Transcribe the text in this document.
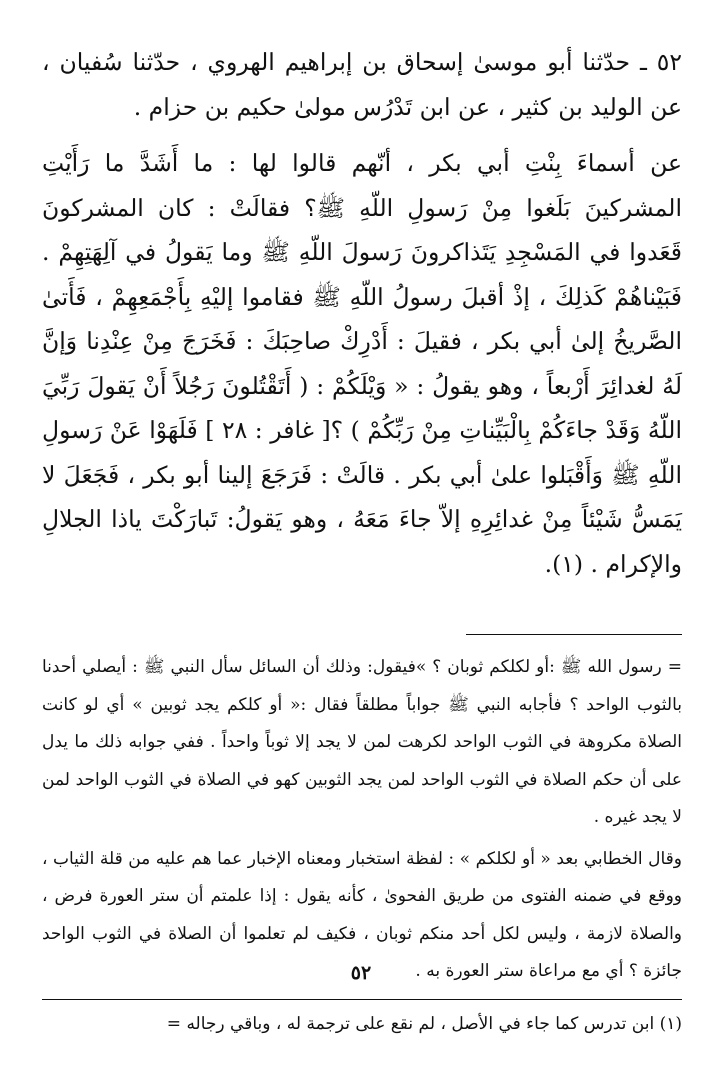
٥٢ ـ حدّثنا أبو موسىٰ إسحاق بن إبراهيم الهروي ، حدّثنا سُفيان ، عن الوليد بن كثير ، عن ابن تَدْرُس مولىٰ حكيم بن حزام .

عن أسماءَ بِنْتِ أبي بكر ، أنّهم قالوا لها : ما أَشَدَّ ما رَأَيْتِ المشركينَ بَلَغوا مِنْ رَسولِ اللّهِ ﷺ؟ فقالَتْ : كان المشركونَ قَعَدوا في المَسْجِدِ يَتَذاكرونَ رَسولَ اللّهِ ﷺ وما يَقولُ في آلِهَتِهِمْ . فَبَيْناهُمْ كَذلِكَ ، إذْ أقبلَ رسولُ اللّهِ ﷺ فقاموا إليْهِ بِأَجْمَعِهِمْ ، فَأَتىٰ الصَّريخُ إلىٰ أبي بكر ، فقيلَ : أَدْرِكْ صاحِبَكَ : فَخَرَجَ مِنْ عِنْدِنا وَإنَّ لَهُ لغدائِرَ أَرْبعاً ، وهو يقولُ : « وَيْلَكُمْ : ( أَتَقْتُلونَ رَجُلاً أَنْ يَقولَ رَبِّيَ اللّهُ وَقَدْ جاءَكُمْ بِالْبَيِّناتِ مِنْ رَبِّكُمْ ) ؟[ غافر : ٢٨ ] فَلَهَوْا عَنْ رَسولِ اللّهِ ﷺ وَأَقْبَلوا علىٰ أبي بكر . قالَتْ : فَرَجَعَ إلينا أبو بكر ، فَجَعَلَ لا يَمَسُّ شَيْئاً مِنْ غدائِرِهِ إلاّ جاءَ مَعَهُ ، وهو يَقولُ: تَبارَكْتَ ياذا الجلالِ والإكرام . (١).

= رسول الله ﷺ :أو لكلكم ثوبان ؟ »فيقول: وذلك أن السائل سأل النبي ﷺ : أيصلي أحدنا بالثوب الواحد ؟ فأجابه النبي ﷺ جواباً مطلقاً فقال :« أو كلكم يجد ثوبين » أي لو كانت الصلاة مكروهة في الثوب الواحد لكرهت لمن لا يجد إلا ثوباً واحداً . ففي جوابه ذلك ما يدل على أن حكم الصلاة في الثوب الواحد لمن يجد الثوبين كهو في الصلاة في الثوب الواحد لمن لا يجد غيره .

وقال الخطابي بعد « أو لكلكم » : لفظة استخبار ومعناه الإخبار عما هم عليه من قلة الثياب ، ووقع في ضمنه الفتوى من طريق الفحوىٰ ، كأنه يقول : إذا علمتم أن ستر العورة فرض ، والصلاة لازمة ، وليس لكل أحد منكم ثوبان ، فكيف لم تعلموا أن الصلاة في الثوب الواحد جائزة ؟ أي مع مراعاة ستر العورة به .

(١) ابن تدرس كما جاء في الأصل ، لم نقع على ترجمة له ، وباقي رجاله =

٥٢
